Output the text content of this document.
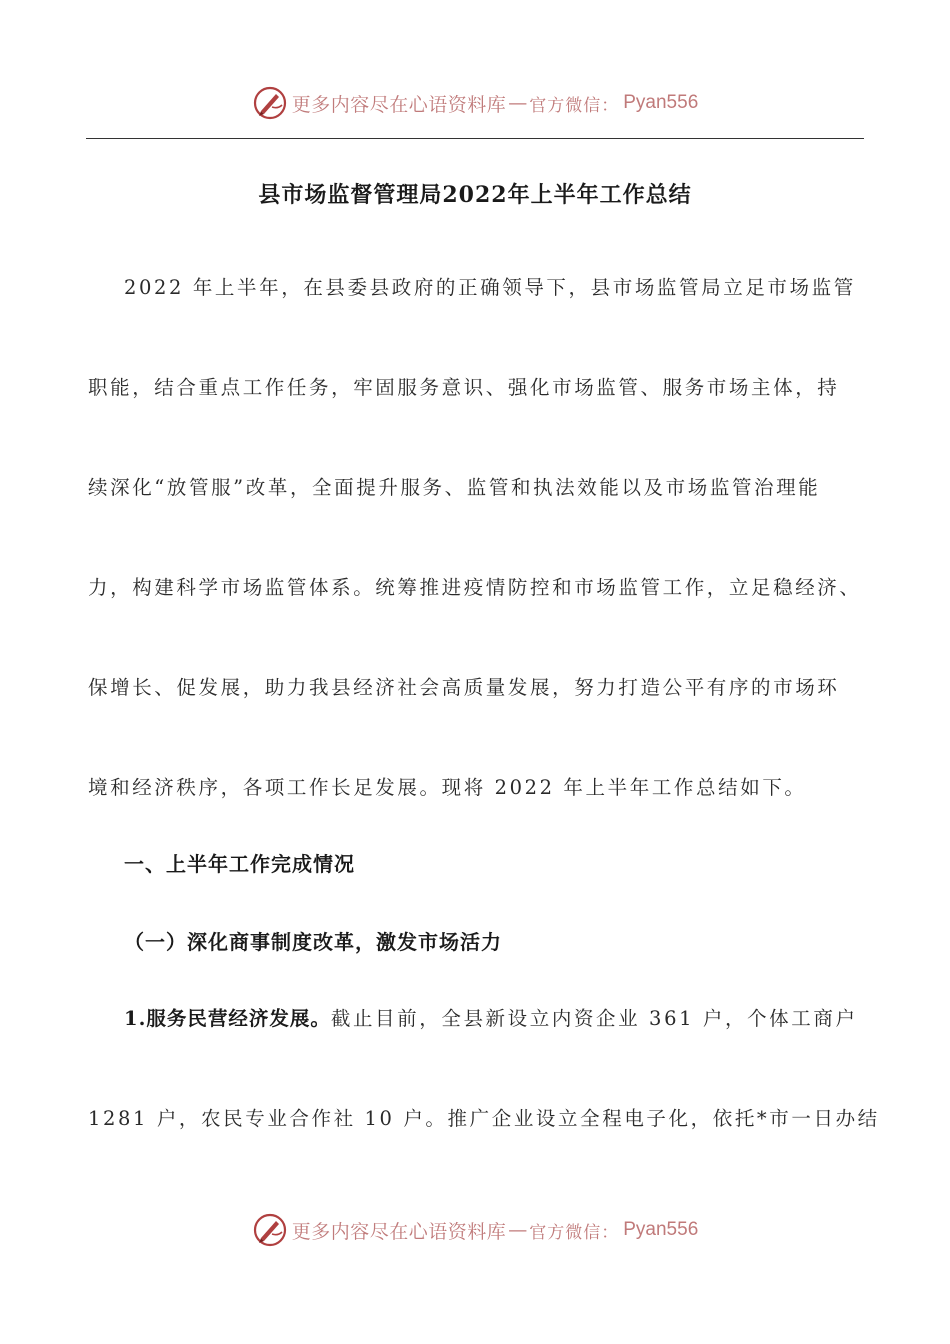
更多内容尽在心语资料库 — 官方微信： Pyan556
县市场监督管理局2022年上半年工作总结
2022 年上半年，在县委县政府的正确领导下，县市场监管局立足市场监管
职能，结合重点工作任务，牢固服务意识、强化市场监管、服务市场主体，持
续深化“放管服”改革，全面提升服务、监管和执法效能以及市场监管治理能
力，构建科学市场监管体系。统筹推进疫情防控和市场监管工作，立足稳经济、
保增长、促发展，助力我县经济社会高质量发展，努力打造公平有序的市场环
境和经济秩序，各项工作长足发展。现将 2022 年上半年工作总结如下。
一、上半年工作完成情况
（一）深化商事制度改革，激发市场活力
1.服务民营经济发展。截止目前，全县新设立内资企业 361 户，个体工商户
1281 户，农民专业合作社 10 户。推广企业设立全程电子化，依托*市一日办结
更多内容尽在心语资料库 — 官方微信： Pyan556
